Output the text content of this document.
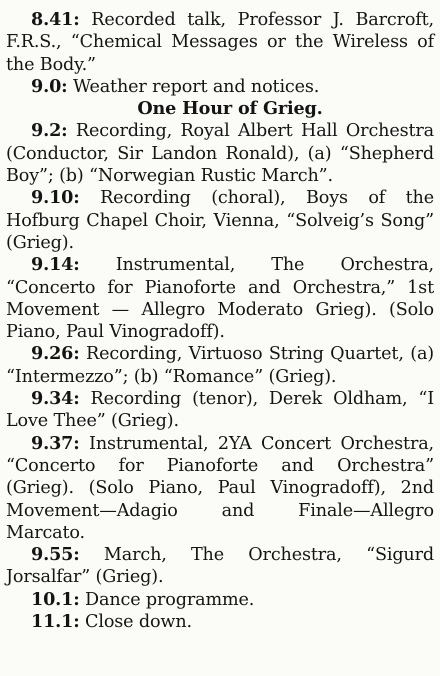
8.41: Recorded talk, Professor J. Barcroft, F.R.S., “Chemical Messages or the Wireless of the Body.”

9.0: Weather report and notices.

One Hour of Grieg.

9.2: Recording, Royal Albert Hall Orchestra (Conductor, Sir Landon Ronald), (a) “Shepherd Boy”; (b) “Norwegian Rustic March”.

9.10: Recording (choral), Boys of the Hofburg Chapel Choir, Vienna, “Solveig’s Song” (Grieg).

9.14: Instrumental, The Orchestra, “Concerto for Pianoforte and Orchestra,” 1st Movement — Allegro Moderato Grieg). (Solo Piano, Paul Vinogradoff).

9.26: Recording, Virtuoso String Quartet, (a) “Intermezzo”; (b) “Romance” (Grieg).

9.34: Recording (tenor), Derek Oldham, “I Love Thee” (Grieg).

9.37: Instrumental, 2YA Concert Orchestra, “Concerto for Pianoforte and Orchestra” (Grieg). (Solo Piano, Paul Vinogradoff), 2nd Movement—Adagio and Finale—Allegro Marcato.

9.55: March, The Orchestra, “Sigurd Jorsalfar” (Grieg).

10.1: Dance programme.

11.1: Close down.
